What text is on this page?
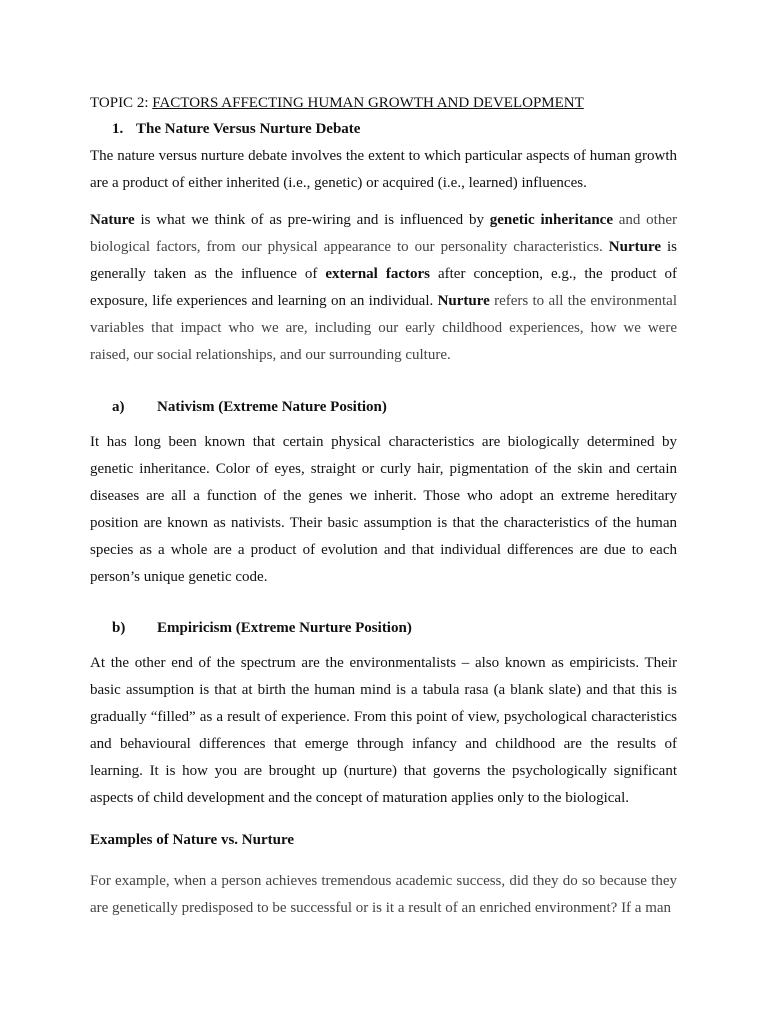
TOPIC 2: FACTORS AFFECTING HUMAN GROWTH AND DEVELOPMENT

1. The Nature Versus Nurture Debate

The nature versus nurture debate involves the extent to which particular aspects of human growth are a product of either inherited (i.e., genetic) or acquired (i.e., learned) influences.

Nature is what we think of as pre-wiring and is influenced by genetic inheritance and other biological factors, from our physical appearance to our personality characteristics. Nurture is generally taken as the influence of external factors after conception, e.g., the product of exposure, life experiences and learning on an individual. Nurture refers to all the environmental variables that impact who we are, including our early childhood experiences, how we were raised, our social relationships, and our surrounding culture.

a) Nativism (Extreme Nature Position)

It has long been known that certain physical characteristics are biologically determined by genetic inheritance. Color of eyes, straight or curly hair, pigmentation of the skin and certain diseases are all a function of the genes we inherit. Those who adopt an extreme hereditary position are known as nativists. Their basic assumption is that the characteristics of the human species as a whole are a product of evolution and that individual differences are due to each person’s unique genetic code.

b) Empiricism (Extreme Nurture Position)

At the other end of the spectrum are the environmentalists – also known as empiricists. Their basic assumption is that at birth the human mind is a tabula rasa (a blank slate) and that this is gradually “filled” as a result of experience. From this point of view, psychological characteristics and behavioural differences that emerge through infancy and childhood are the results of learning. It is how you are brought up (nurture) that governs the psychologically significant aspects of child development and the concept of maturation applies only to the biological.

Examples of Nature vs. Nurture

For example, when a person achieves tremendous academic success, did they do so because they are genetically predisposed to be successful or is it a result of an enriched environment? If a man
